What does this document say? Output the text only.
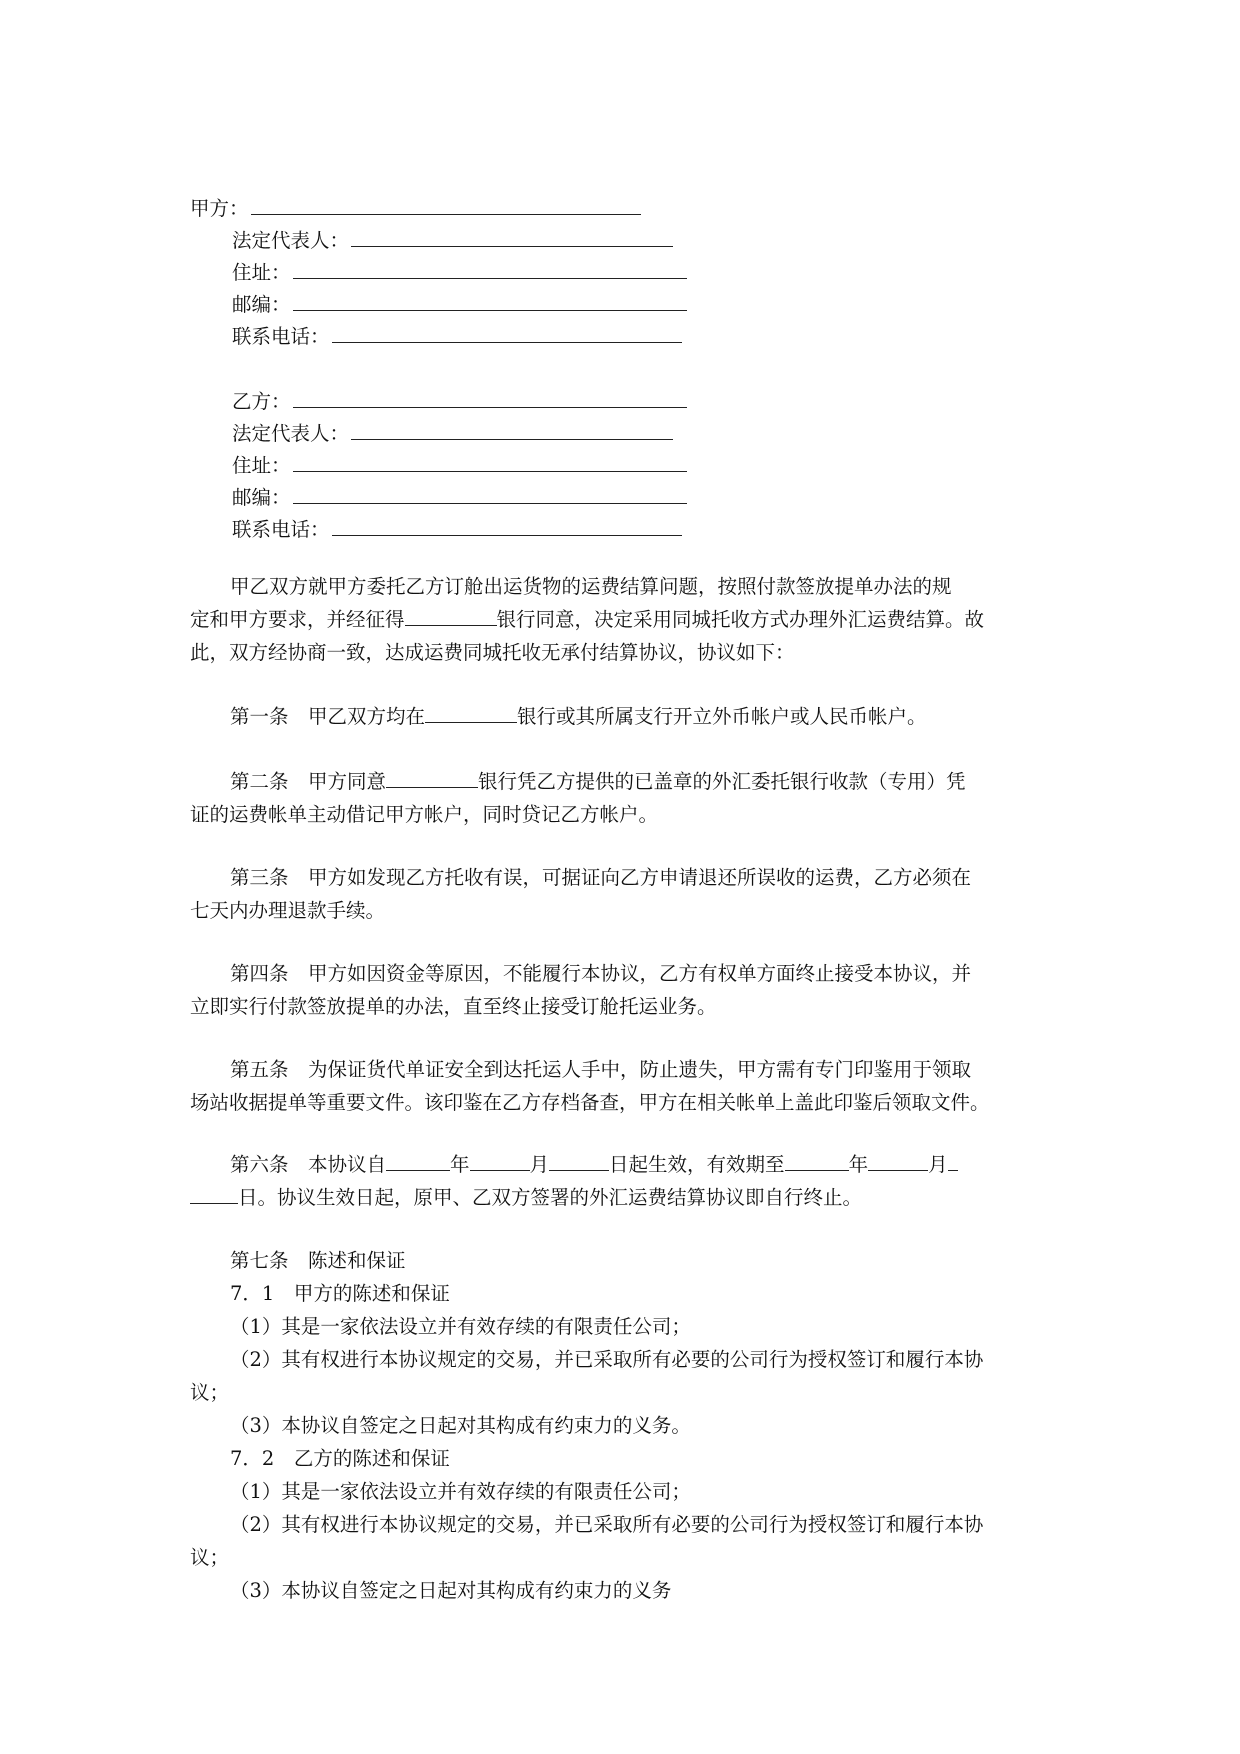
甲方：
法定代表人：
住址：
邮编：
联系电话：
乙方：
法定代表人：
住址：
邮编：
联系电话：
甲乙双方就甲方委托乙方订舱出运货物的运费结算问题，按照付款签放提单办法的规
定和甲方要求，并经征得	银行同意，决定采用同城托收方式办理外汇运费结算。故
此，双方经协商一致，达成运费同城托收无承付结算协议，协议如下：
第一条　甲乙双方均在	银行或其所属支行开立外币帐户或人民币帐户。
第二条　甲方同意	银行凭乙方提供的已盖章的外汇委托银行收款（专用）凭
证的运费帐单主动借记甲方帐户，同时贷记乙方帐户。
第三条　甲方如发现乙方托收有误，可据证向乙方申请退还所误收的运费，乙方必须在
七天内办理退款手续。
第四条　甲方如因资金等原因，不能履行本协议，乙方有权单方面终止接受本协议，并
立即实行付款签放提单的办法，直至终止接受订舱托运业务。
第五条　为保证货代单证安全到达托运人手中，防止遗失，甲方需有专门印鉴用于领取
场站收据提单等重要文件。该印鉴在乙方存档备查，甲方在相关帐单上盖此印鉴后领取文件。
第六条　本协议自	年	月	日起生效，有效期至	年	月
日。协议生效日起，原甲、乙双方签署的外汇运费结算协议即自行终止。
第七条　陈述和保证
7．1　甲方的陈述和保证
（1）其是一家依法设立并有效存续的有限责任公司；
（2）其有权进行本协议规定的交易，并已采取所有必要的公司行为授权签订和履行本协
议；
（3）本协议自签定之日起对其构成有约束力的义务。
7．2　乙方的陈述和保证
（1）其是一家依法设立并有效存续的有限责任公司；
（2）其有权进行本协议规定的交易，并已采取所有必要的公司行为授权签订和履行本协
议；
（3）本协议自签定之日起对其构成有约束力的义务
